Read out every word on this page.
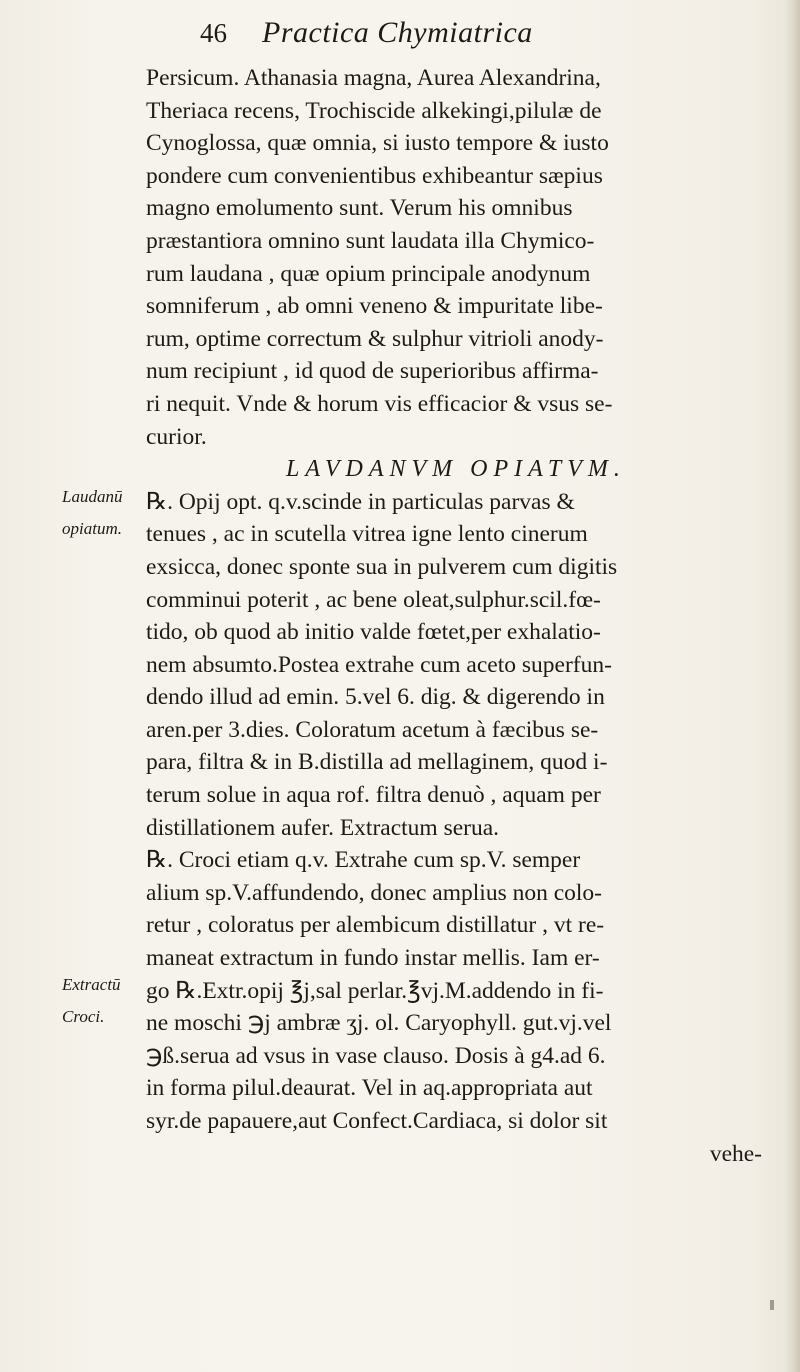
46 Practica Chymiatrica
Laudanū
opiatum.
Extractū
Croci.
Persicum. Athanasia magna, Aurea Alexandrina,
Theriaca recens, Trochiscide alkekingi,pilulæ de
Cynoglossa, quæ omnia, si iusto tempore & iusto
pondere cum convenientibus exhibeantur sæpius
magno emolumento sunt. Verum his omnibus
præstantiora omnino sunt laudata illa Chymico-
rum laudana , quæ opium principale anodynum
somniferum , ab omni veneno & impuritate libe-
rum, optime correctum & sulphur vitrioli anody-
num recipiunt , id quod de superioribus affirma-
ri nequit. Vnde & horum vis efficacior & vsus se-
curior.
LAVDANVM OPIATVM.
℞. Opij opt. q.v.scinde in particulas parvas &
tenues , ac in scutella vitrea igne lento cinerum
exsicca, donec sponte sua in pulverem cum digitis
comminui poterit , ac bene oleat,sulphur.scil.fœ-
tido, ob quod ab initio valde fœtet,per exhalatio-
nem absumto.Postea extrahe cum aceto superfun-
dendo illud ad emin. 5.vel 6. dig. & digerendo in
aren.per 3.dies. Coloratum acetum à fæcibus se-
para, filtra & in B.distilla ad mellaginem, quod i-
terum solue in aqua rof. filtra denuò , aquam per
distillationem aufer. Extractum serua.
℞. Croci etiam q.v. Extrahe cum sp.V. semper
alium sp.V.affundendo, donec amplius non colo-
retur , coloratus per alembicum distillatur , vt re-
maneat extractum in fundo instar mellis. Iam er-
go ℞.Extr.opij ℥j,sal perlar.℥vj.M.addendo in fi-
ne moschi ℈j ambræ ʒj. ol. Caryophyll. gut.vj.vel
℈ß.serua ad vsus in vase clauso. Dosis à g4.ad 6.
in forma pilul.deaurat. Vel in aq.appropriata aut
syr.de papauere,aut Confect.Cardiaca, si dolor sit
vehe-
